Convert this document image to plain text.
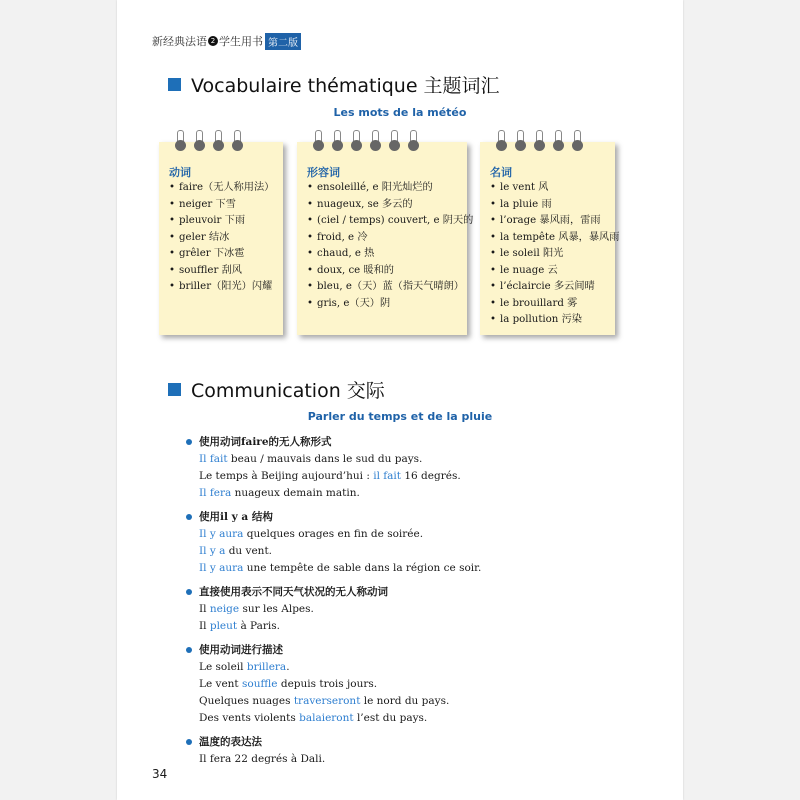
新经典法语 2 学生用书 第二版
Vocabulaire thématique 主题词汇
Les mots de la météo
动词
• faire（无人称用法）
• neiger 下雪
• pleuvoir 下雨
• geler 结冰
• grêler 下冰雹
• souffler 刮风
• briller（阳光）闪耀
形容词
• ensoleillé, e 阳光灿烂的
• nuageux, se 多云的
• (ciel / temps) couvert, e 阴天的
• froid, e 冷
• chaud, e 热
• doux, ce 暖和的
• bleu, e（天）蓝（指天气晴朗）
• gris, e（天）阴
名词
• le vent 风
• la pluie 雨
• l’orage 暴风雨，雷雨
• la tempête 风暴，暴风雨
• le soleil 阳光
• le nuage 云
• l’éclaircie 多云间晴
• le brouillard 雾
• la pollution 污染
Communication 交际
Parler du temps et de la pluie
使用动词faire的无人称形式
Il fait beau / mauvais dans le sud du pays.
Le temps à Beijing aujourd’hui : il fait 16 degrés.
Il fera nuageux demain matin.
使用il y a 结构
Il y aura quelques orages en fin de soirée.
Il y a du vent.
Il y aura une tempête de sable dans la région ce soir.
直接使用表示不同天气状况的无人称动词
Il neige sur les Alpes.
Il pleut à Paris.
使用动词进行描述
Le soleil brillera.
Le vent souffle depuis trois jours.
Quelques nuages traverseront le nord du pays.
Des vents violents balaieront l’est du pays.
温度的表达法
Il fera 22 degrés à Dali.
34
